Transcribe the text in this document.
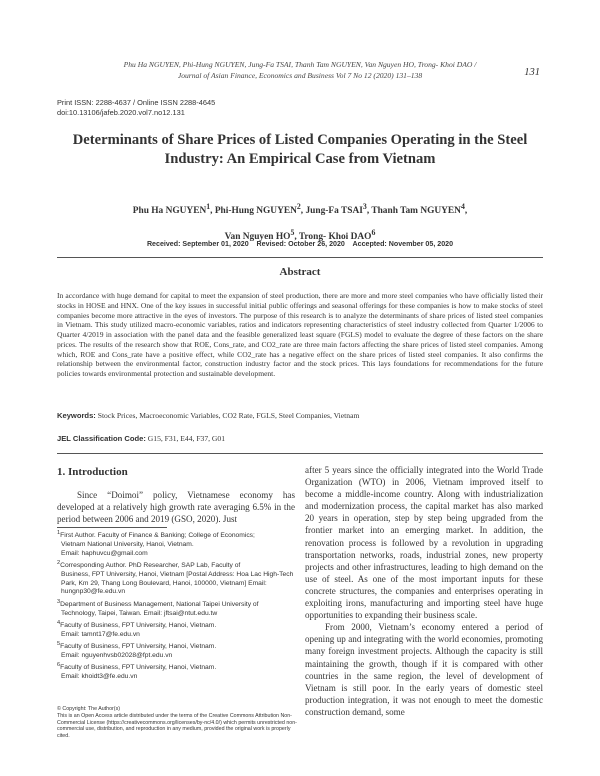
Phu Ha NGUYEN, Phi-Hung NGUYEN, Jung-Fa TSAI, Thanh Tam NGUYEN, Van Nguyen HO, Trong- Khoi DAO /
Journal of Asian Finance, Economics and Business Vol 7 No 12 (2020) 131–138	131
Print ISSN: 2288-4637 / Online ISSN 2288-4645
doi:10.13106/jafeb.2020.vol7.no12.131
Determinants of Share Prices of Listed Companies Operating in the Steel
Industry: An Empirical Case from Vietnam
Phu Ha NGUYEN$^1$, Phi-Hung NGUYEN$^2$, Jung-Fa TSAI$^3$, Thanh Tam NGUYEN$^4$,
Van Nguyen $HO^5$, Trong- Khoi DAO$^6$
Received: September 01, 2020    Revised: October 26, 2020    Accepted: November 05, 2020
Abstract
In accordance with huge demand for capital to meet the expansion of steel production, there are more and more steel companies who have officially listed their stocks in HOSE and HNX. One of the key issues in successful initial public offerings and seasonal offerings for these companies is how to make stocks of steel companies become more attractive in the eyes of investors. The purpose of this research is to analyze the determinants of share prices of listed steel companies in Vietnam. This study utilized macro-economic variables, ratios and indicators representing characteristics of steel industry collected from Quarter 1/2006 to Quarter 4/2019 in association with the panel data and the feasible generalized least square (FGLS) model to evaluate the degree of these factors on the share prices. The results of the research show that ROE, Cons_rate, and CO2_rate are three main factors affecting the share prices of listed steel companies. Among which, ROE and Cons_rate have a positive effect, while CO2_rate has a negative effect on the share prices of listed steel companies. It also confirms the relationship between the environmental factor, construction industry factor and the stock prices. This lays foundations for recommendations for the future policies towards environmental protection and sustainable development.
Keywords: Stock Prices, Macroeconomic Variables, CO2 Rate, FGLS, Steel Companies, Vietnam
JEL Classification Code: G15, F31, E44, F37, G01
1. Introduction

Since “Doimoi” policy, Vietnamese economy has developed at a relatively high growth rate averaging 6.5% in the period between 2006 and 2019 (GSO, 2020). Just

$^1$First Author. Faculty of Finance & Banking; College of Economics;
Vietnam National University, Hanoi, Vietnam.
Email: haphuvcu@gmail.com
$^2$Corresponding Author. PhD Researcher, SAP Lab, Faculty of
Business, FPT University, Hanoi, Vietnam [Postal Address: Hoa Lac High-Tech Park, Km 29, Thang Long Boulevard, Hanoi, 100000, Vietnam] Email: hungnp30@fe.edu.vn
$^3$Department of Business Management, National Taipei University of
Technology, Taipei, Taiwan. Email: jftsai@ntut.edu.tw
$^4$Faculty of Business, FPT University, Hanoi, Vietnam.
Email: tamnt17@fe.edu.vn
$^5$Faculty of Business, FPT University, Hanoi, Vietnam.
Email: nguyenhvsb02028@fpt.edu.vn
$^6$Faculty of Business, FPT University, Hanoi, Vietnam.
Email: khoidt3@fe.edu.vn
© Copyright: The Author(s)
This is an Open Access article distributed under the terms of the Creative Commons Attribution Non-Commercial License (https://creativecommons.org/licenses/by-nc/4.0/) which permits unrestricted non-commercial use, distribution, and reproduction in any medium, provided the original work is properly cited.

after 5 years since the officially integrated into the World Trade Organization (WTO) in 2006, Vietnam improved itself to become a middle-income country. Along with industrialization and modernization process, the capital market has also marked 20 years in operation, step by step being upgraded from the frontier market into an emerging market. In addition, the renovation process is followed by a revolution in upgrading transportation networks, roads, industrial zones, new property projects and other infrastructures, leading to high demand on the use of steel. As one of the most important inputs for these concrete structures, the companies and enterprises operating in exploiting irons, manufacturing and importing steel have huge opportunities to expanding their business scale.

From 2000, Vietnam’s economy entered a period of opening up and integrating with the world economies, promoting many foreign investment projects. Although the capacity is still maintaining the growth, though if it is compared with other countries in the same region, the level of development of Vietnam is still poor. In the early years of domestic steel production integration, it was not enough to meet the domestic construction demand, some
